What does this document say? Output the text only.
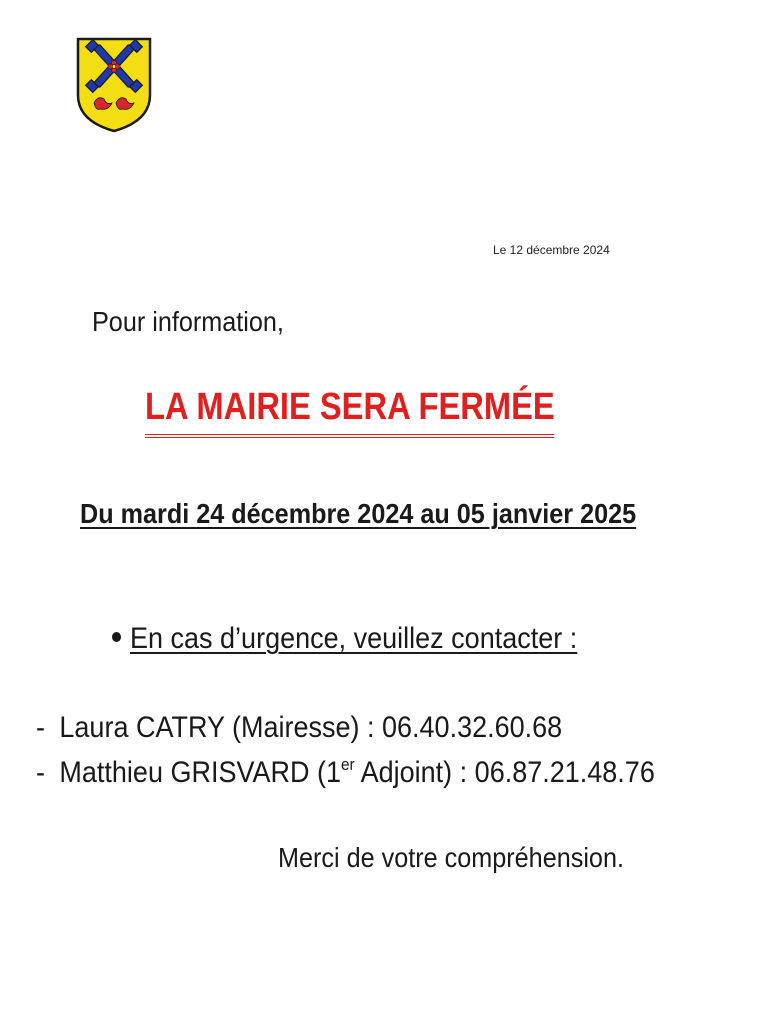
Le 12 décembre 2024
Pour information,
LA MAIRIE SERA FERMÉE
Du mardi 24 décembre 2024 au 05 janvier 2025
En cas d’urgence, veuillez contacter :
- Laura CATRY (Mairesse) : 06.40.32.60.68
- Matthieu GRISVARD (1er Adjoint) : 06.87.21.48.76
Merci de votre compréhension.
